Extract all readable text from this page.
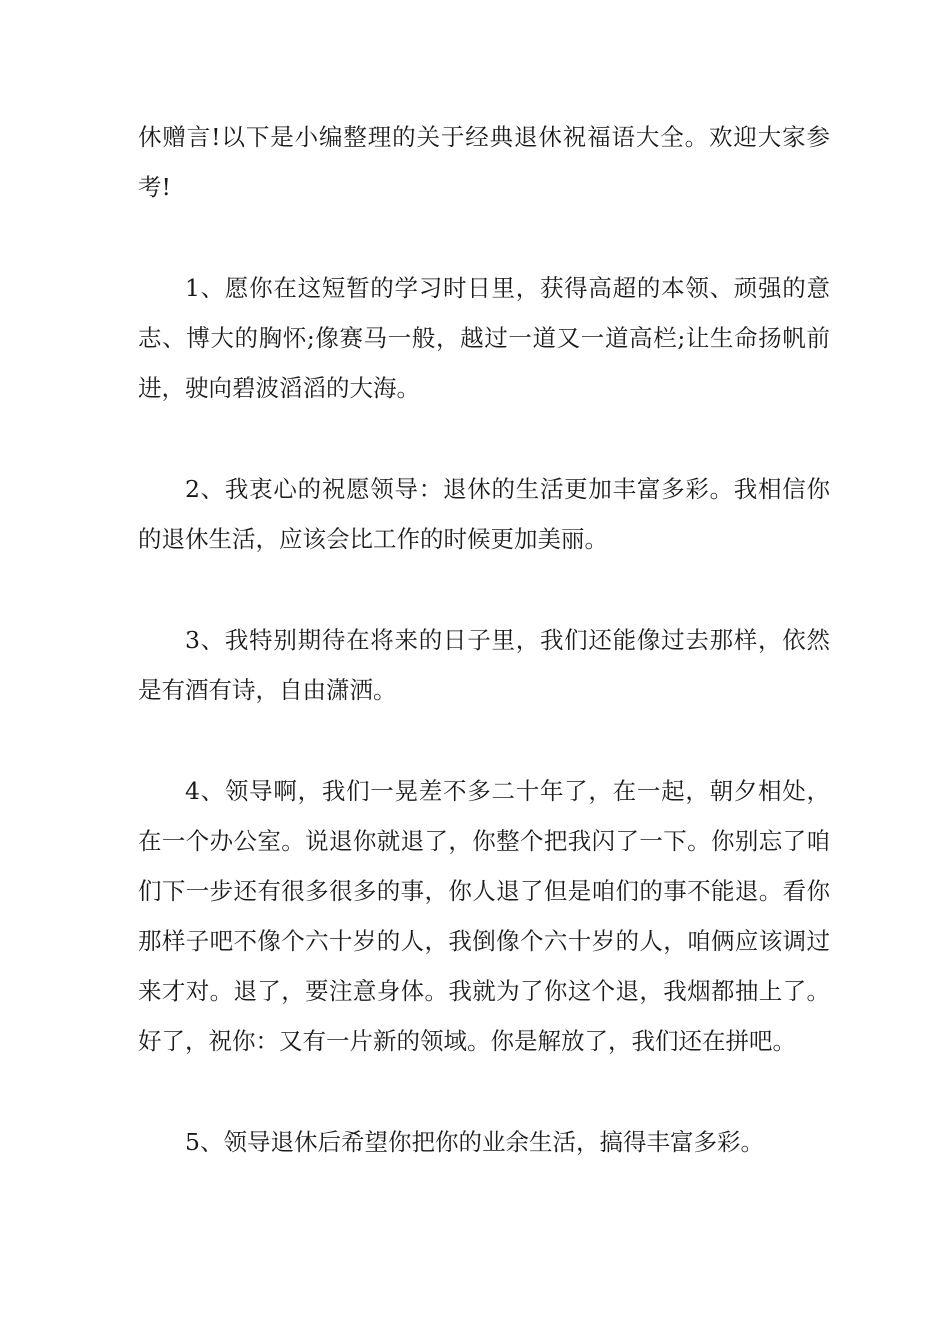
休赠言!以下是小编整理的关于经典退休祝福语大全。欢迎大家参考!

1、愿你在这短暂的学习时日里，获得高超的本领、顽强的意志、博大的胸怀;像赛马一般，越过一道又一道高栏;让生命扬帆前进，驶向碧波滔滔的大海。

2、我衷心的祝愿领导：退休的生活更加丰富多彩。我相信你的退休生活，应该会比工作的时候更加美丽。

3、我特别期待在将来的日子里，我们还能像过去那样，依然是有酒有诗，自由潇洒。

4、领导啊，我们一晃差不多二十年了，在一起，朝夕相处，在一个办公室。说退你就退了，你整个把我闪了一下。你别忘了咱们下一步还有很多很多的事，你人退了但是咱们的事不能退。看你那样子吧不像个六十岁的人，我倒像个六十岁的人，咱俩应该调过来才对。退了，要注意身体。我就为了你这个退，我烟都抽上了。好了，祝你：又有一片新的领域。你是解放了，我们还在拼吧。

5、领导退休后希望你把你的业余生活，搞得丰富多彩。
